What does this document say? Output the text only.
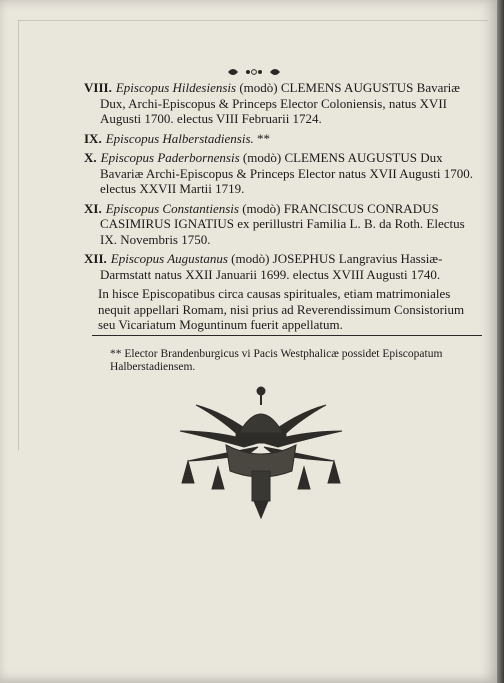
VIII. Episcopus Hildesiensis (modò) CLEMENS AUGUSTUS Bavariæ Dux, Archi-Episcopus & Princeps Elector Coloniensis, natus XVII Augusti 1700. electus VIII Februarii 1724.

IX. Episcopus Halberstadiensis. **

X. Episcopus Paderbornensis (modò) CLEMENS AUGUSTUS Dux Bavariæ Archi-Episcopus & Princeps Elector natus XVII Augusti 1700. electus XXVII Martii 1719.

XI. Episcopus Constantiensis (modò) FRANCISCUS CONRADUS CASIMIRUS IGNATIUS ex perillustri Familia L. B. da Roth. Electus IX. Novembris 1750.

XII. Episcopus Augustanus (modò) JOSEPHUS Langravius Hassiæ-Darmstatt natus XXII Januarii 1699. electus XVIII Augusti 1740.

In hisce Episcopatibus circa causas spirituales, etiam matrimoniales nequit appellari Romam, nisi prius ad Reverendissimum Consistorium seu Vicariatum Moguntinum fuerit appellatum.

** Elector Brandenburgicus vi Pacis Westphalicæ possidet Episcopatum Halberstadiensem.
